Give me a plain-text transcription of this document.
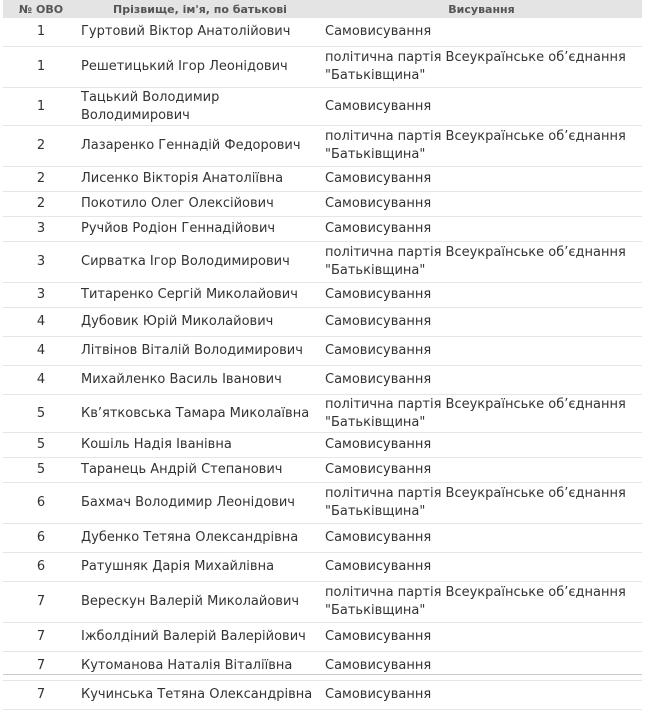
№ ОВО	Прізвище, ім'я, по батькові	Висування
1	Гуртовий Віктор Анатолійович	Самовисування
1	Решетицький Ігор Леонідович	політична партія Всеукраїнське об’єднання "Батьківщина"
1	Тацький Володимир Володимирович	Самовисування
2	Лазаренко Геннадій Федорович	політична партія Всеукраїнське об’єднання "Батьківщина"
2	Лисенко Вікторія Анатоліївна	Самовисування
2	Покотило Олег Олексійович	Самовисування
3	Ручйов Родіон Геннадійович	Самовисування
3	Сирватка Ігор Володимирович	політична партія Всеукраїнське об’єднання "Батьківщина"
3	Титаренко Сергій Миколайович	Самовисування
4	Дубовик Юрій Миколайович	Самовисування
4	Літвінов Віталій Володимирович	Самовисування
4	Михайленко Василь Іванович	Самовисування
5	Кв’ятковська Тамара Миколаївна	політична партія Всеукраїнське об’єднання "Батьківщина"
5	Кошіль Надія Іванівна	Самовисування
5	Таранець Андрій Степанович	Самовисування
6	Бахмач Володимир Леонідович	політична партія Всеукраїнське об’єднання "Батьківщина"
6	Дубенко Тетяна Олександрівна	Самовисування
6	Ратушняк Дарія Михайлівна	Самовисування
7	Верескун Валерій Миколайович	політична партія Всеукраїнське об’єднання "Батьківщина"
7	Іжболдіний Валерій Валерійович	Самовисування
7	Кутоманова Наталія Віталіївна	Самовисування
7	Кучинська Тетяна Олександрівна	Самовисування
